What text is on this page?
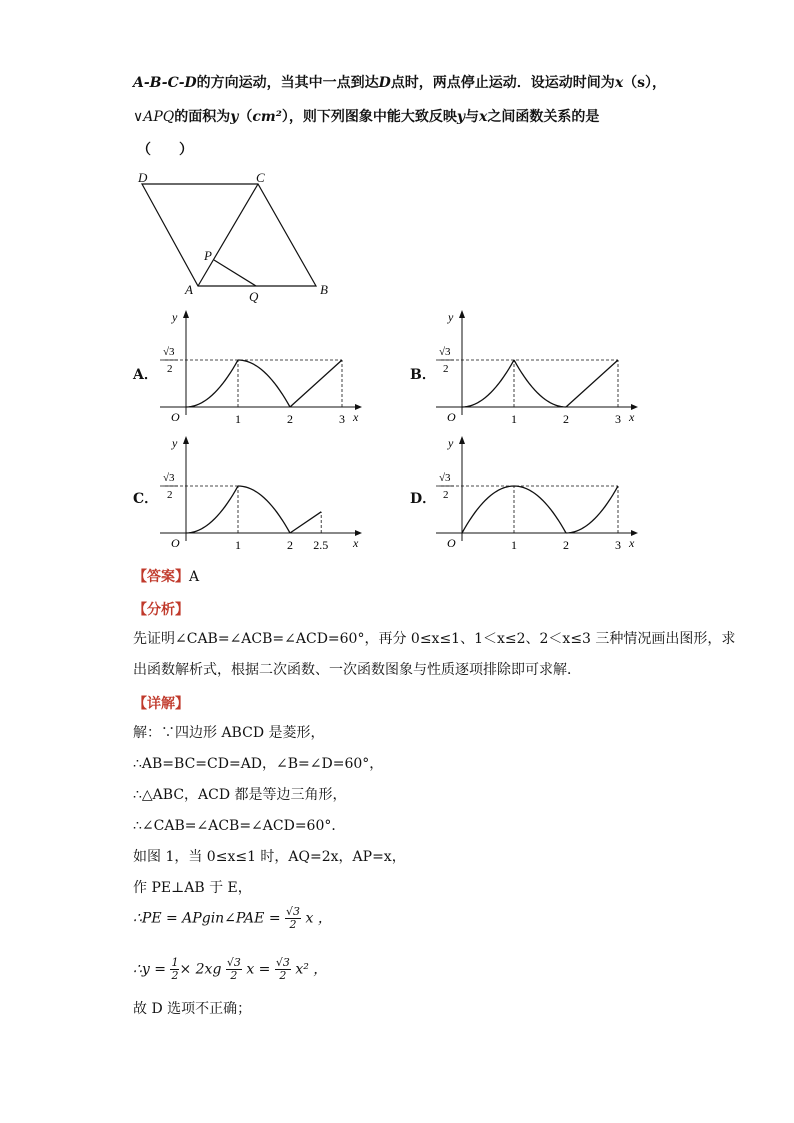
A-B-C-D的方向运动，当其中一点到达D点时，两点停止运动．设运动时间为x（s），
∨APQ的面积为y（cm²），则下列图象中能大致反映y与x之间函数关系的是
（　　）
D	C
P
A	Q	B
A．	B．
C．	D．
y
x
O
√3
2
1	2	3
y
x
O
√3
2
1	2	3
y
x
O
√3
2
1	2 2.5
y
x
O
√3
2
1	2	3
【答案】A
【分析】
先证明∠CAB=∠ACB=∠ACD=60°，再分 0≤x≤1、1＜x≤2、2＜x≤3 三种情况画出图形，求
出函数解析式，根据二次函数、一次函数图象与性质逐项排除即可求解．
【详解】
解：∵四边形 ABCD 是菱形，
∴AB=BC=CD=AD，∠B=∠D=60°，
∴△ABC，ACD 都是等边三角形，
∴∠CAB=∠ACB=∠ACD=60°．
如图 1，当 0≤x≤1 时，AQ=2x，AP=x，
作 PE⊥AB 于 E，
∴PE = APgin∠PAE = $\frac{√3}{2}$ x ，
∴y = $\frac{1}{2} \times 2xg \frac{√3}{2}$ $x = \frac{√3}{2} x^2$ ，
故 D 选项不正确；
